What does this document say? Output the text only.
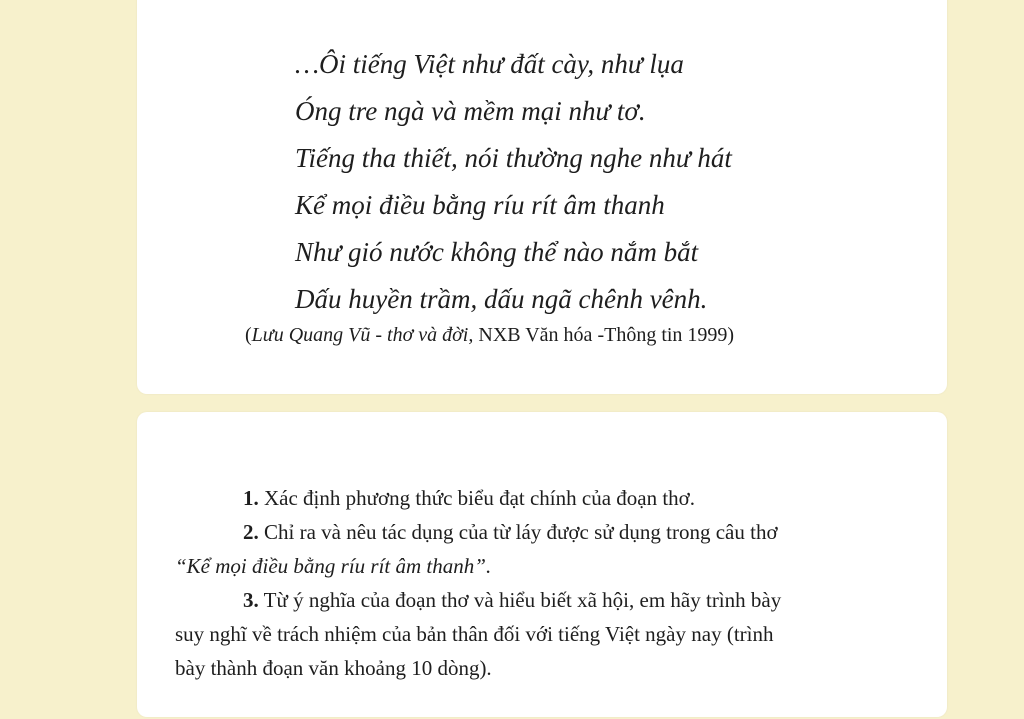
…Ôi tiếng Việt như đất cày, như lụa
Óng tre ngà và mềm mại như tơ.
Tiếng tha thiết, nói thường nghe như hát
Kể mọi điều bằng ríu rít âm thanh
Như gió nước không thể nào nắm bắt
Dấu huyền trầm, dấu ngã chênh vênh.
(Lưu Quang Vũ - thơ và đời, NXB Văn hóa -Thông tin 1999)
1. Xác định phương thức biểu đạt chính của đoạn thơ.
2. Chỉ ra và nêu tác dụng của từ láy được sử dụng trong câu thơ
“Kể mọi điều bằng ríu rít âm thanh”.
3. Từ ý nghĩa của đoạn thơ và hiểu biết xã hội, em hãy trình bày
suy nghĩ về trách nhiệm của bản thân đối với tiếng Việt ngày nay (trình
bày thành đoạn văn khoảng 10 dòng).
